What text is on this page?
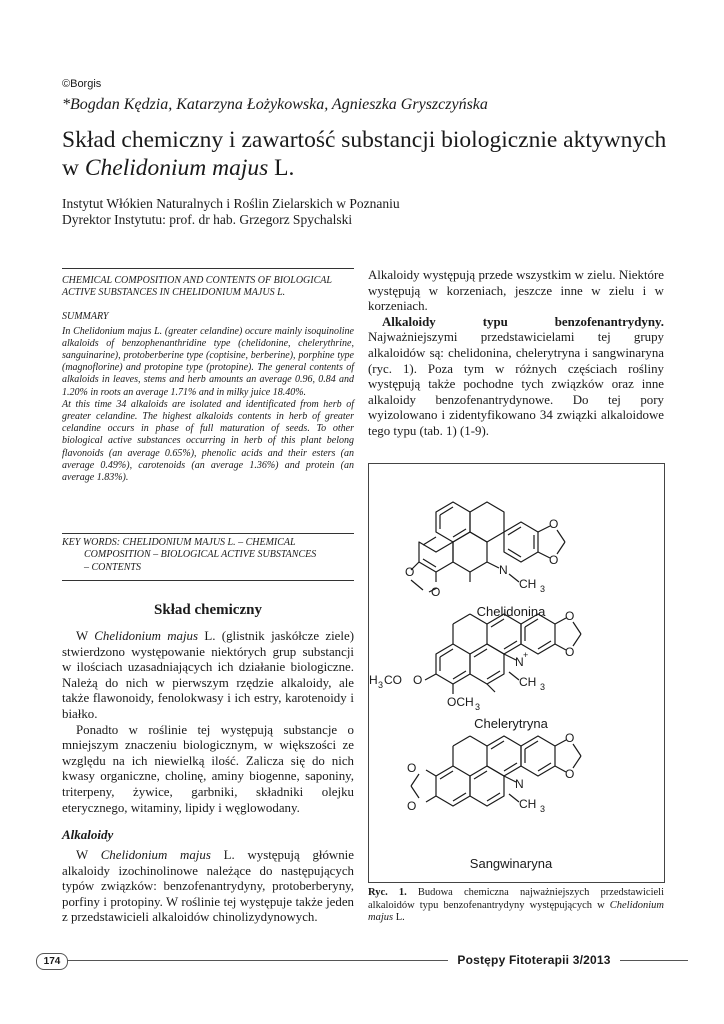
©Borgis
*Bogdan Kędzia, Katarzyna Łożykowska, Agnieszka Gryszczyńska
Skład chemiczny i zawartość substancji biologicznie aktywnych w Chelidonium majus L.
Instytut Włókien Naturalnych i Roślin Zielarskich w Poznaniu
Dyrektor Instytutu: prof. dr hab. Grzegorz Spychalski

CHEMICAL COMPOSITION AND CONTENTS OF BIOLOGICAL ACTIVE SUBSTANCES IN CHELIDONIUM MAJUS L.

SUMMARY

In Chelidonium majus L. (greater celandine) occure mainly isoquinoline alkaloids of benzophenanthridine type (chelidonine, chelerythrine, sanguinarine), protoberberine type (coptisine, berberine), porphine type (magnoflorine) and protopine type (protopine). The general contents of alkaloids in leaves, stems and herb amounts an average 0.96, 0.84 and 1.20% in roots an average 1.71% and in milky juice 18.40%.

At this time 34 alkaloids are isolated and identificated from herb of greater celandine. The highest alkaloids contents in herb of greater celandine occurs in phase of full maturation of seeds. To other biological active substances occurring in herb of this plant belong flavonoids (an average 0.65%), phenolic acids and their esters (an average 0.49%), carotenoids (an average 1.36%) and protein (an average 1.83%).

KEY WORDS: CHELIDONIUM MAJUS L. – CHEMICAL
COMPOSITION – BIOLOGICAL ACTIVE SUBSTANCES
– CONTENTS

Skład chemiczny

W Chelidonium majus L. (glistnik jaskółcze ziele) stwierdzono występowanie niektórych grup substancji w ilościach uzasadniających ich działanie biologiczne. Należą do nich w pierwszym rzędzie alkaloidy, ale także flawonoidy, fenolokwasy i ich estry, karotenoidy i białko.

Ponadto w roślinie tej występują substancje o mniejszym znaczeniu biologicznym, w większości ze względu na ich niewielką ilość. Zalicza się do nich kwasy organiczne, cholinę, aminy biogenne, saponiny, triterpeny, żywice, garbniki, składniki olejku eterycznego, witaminy, lipidy i węglowodany.

Alkaloidy

W Chelidonium majus L. występują głównie alkaloidy izochinolinowe należące do następujących typów związków: benzofenantrydyny, protoberberyny, porfiny i protopiny. W roślinie tej występuje także jeden z przedstawicieli alkaloidów chinolizydynowych.

Alkaloidy występują przede wszystkim w zielu. Niektóre występują w korzeniach, jeszcze inne w zielu i w korzeniach.

Alkaloidy typu benzofenantrydyny. Najważniejszymi przedstawicielami tej grupy alkaloidów są: chelidonina, chelerytryna i sangwinaryna (ryc. 1). Poza tym w różnych częściach rośliny występują także pochodne tych związków oraz inne alkaloidy benzofenantrydynowe. Do tej pory wyizolowano i zidentyfikowano 34 związki alkaloidowe tego typu (tab. 1) (1-9).

O
O
O
O
N
CH 3
O
O
N +
CH 3
O
H 3 CO
OCH 3
O
O
N
CH 3
O
O
Chelidonina
Chelerytryna
Sangwinaryna
Ryc. 1. Budowa chemiczna najważniejszych przedstawicieli alkaloidów typu benzofenantrydyny występujących w Chelidonium majus L.
174	Postępy Fitoterapii 3/2013
